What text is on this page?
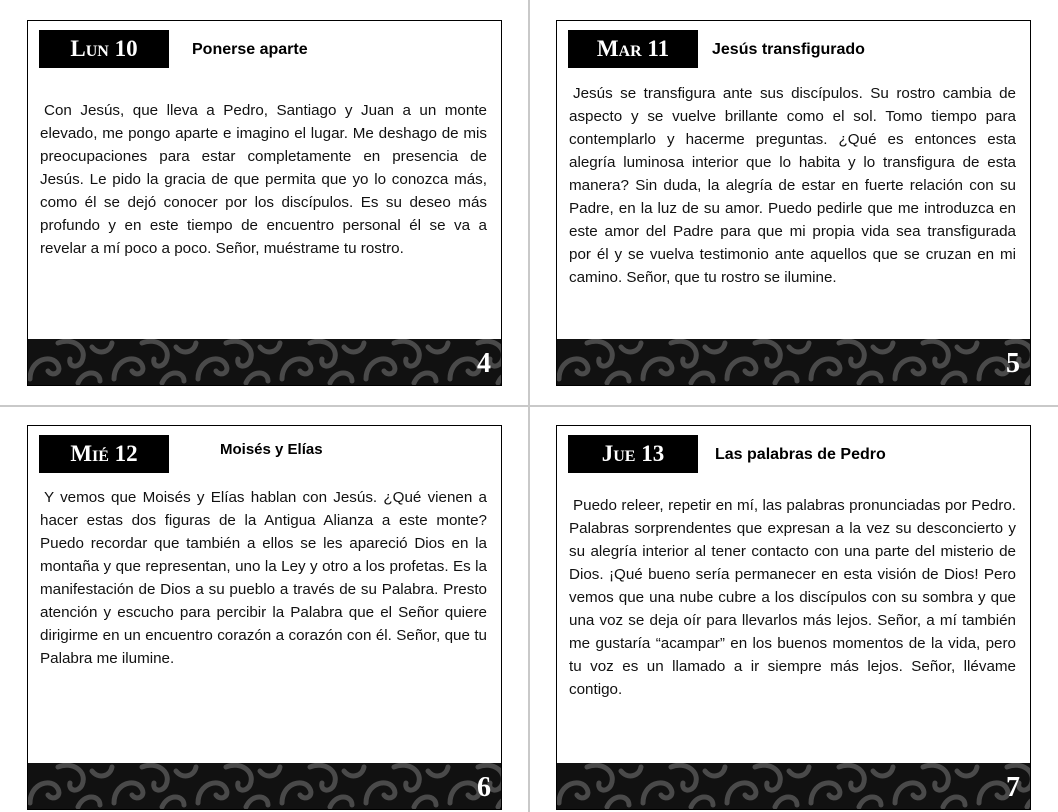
Lun 10	Ponerse aparte
Con Jesús, que lleva a Pedro, Santiago y Juan a un monte elevado, me pongo aparte e imagino el lugar. Me deshago de mis preocupaciones para estar completamente en presencia de Jesús. Le pido la gracia de que permita que yo lo conozca más, como él se dejó conocer por los discípulos. Es su deseo más profundo y en este tiempo de encuentro personal él se va a revelar a mí poco a poco. Señor, muéstrame tu rostro.
4
Mar 11	Jesús transfigurado
Jesús se transfigura ante sus discípulos. Su rostro cambia de aspecto y se vuelve brillante como el sol. Tomo tiempo para contemplarlo y hacerme preguntas. ¿Qué es entonces esta alegría luminosa interior que lo habita y lo transfigura de esta manera? Sin duda, la alegría de estar en fuerte relación con su Padre, en la luz de su amor. Puedo pedirle que me introduzca en este amor del Padre para que mi propia vida sea transfigurada por él y se vuelva testimonio ante aquellos que se cruzan en mi camino. Señor, que tu rostro se ilumine.
5
Mié 12	Moisés y Elías
Y vemos que Moisés y Elías hablan con Jesús. ¿Qué vienen a hacer estas dos figuras de la Antigua Alianza a este monte? Puedo recordar que también a ellos se les apareció Dios en la montaña y que representan, uno la Ley y otro a los profetas. Es la manifestación de Dios a su pueblo a través de su Palabra. Presto atención y escucho para percibir la Palabra que el Señor quiere dirigirme en un encuentro corazón a corazón con él. Señor, que tu Palabra me ilumine.
6
Jue 13	Las palabras de Pedro
Puedo releer, repetir en mí, las palabras pronunciadas por Pedro. Palabras sorprendentes que expresan a la vez su desconcierto y su alegría interior al tener contacto con una parte del misterio de Dios. ¡Qué bueno sería permanecer en esta visión de Dios! Pero vemos que una nube cubre a los discípulos con su sombra y que una voz se deja oír para llevarlos más lejos. Señor, a mí también me gustaría “acampar” en los buenos momentos de la vida, pero tu voz es un llamado a ir siempre más lejos. Señor, llévame contigo.
7
